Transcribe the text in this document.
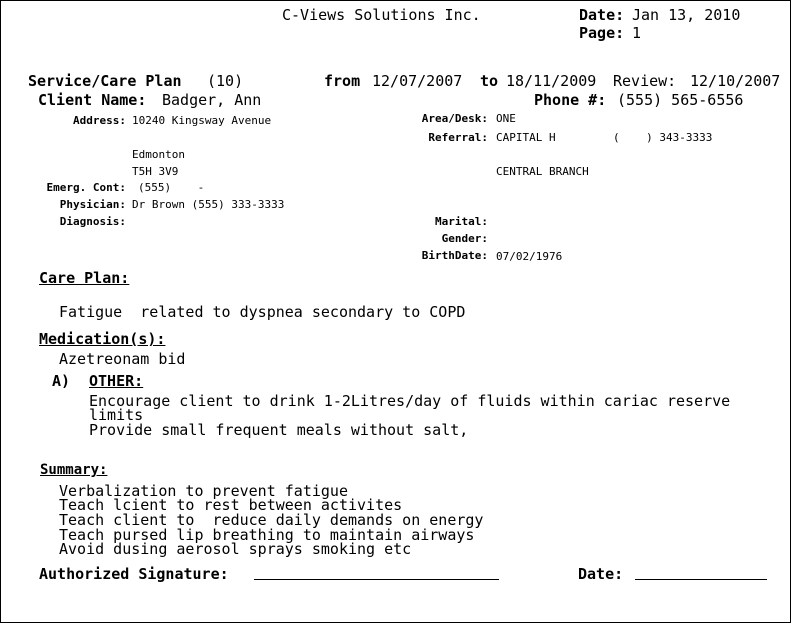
C-Views Solutions Inc.	Date: Jan 13, 2010
Page: 1
Service/Care Plan (10)	from 12/07/2007 to 18/11/2009 Review: 12/10/2007
Client Name: Badger, Ann	Phone #: (555) 565-6556
Address: 10240 Kingsway Avenue
Edmonton
T5H 3V9
Emerg. Cont: (555)    -
Physician: Dr Brown (555) 333-3333
Diagnosis:
Area/Desk: ONE
Referral: CAPITAL H	(    ) 343-3333
CENTRAL BRANCH
Marital:
Gender:
BirthDate: 07/02/1976
Care Plan:
Fatigue  related to dyspnea secondary to COPD
Medication(s):
Azetreonam bid
A) OTHER:
Encourage client to drink 1-2Litres/day of fluids within cariac reserve
limits
Provide small frequent meals without salt,
Summary:
Verbalization to prevent fatigue
Teach lcient to rest between activites
Teach client to  reduce daily demands on energy
Teach pursed lip breathing to maintain airways
Avoid dusing aerosol sprays smoking etc
Authorized Signature:	Date:
